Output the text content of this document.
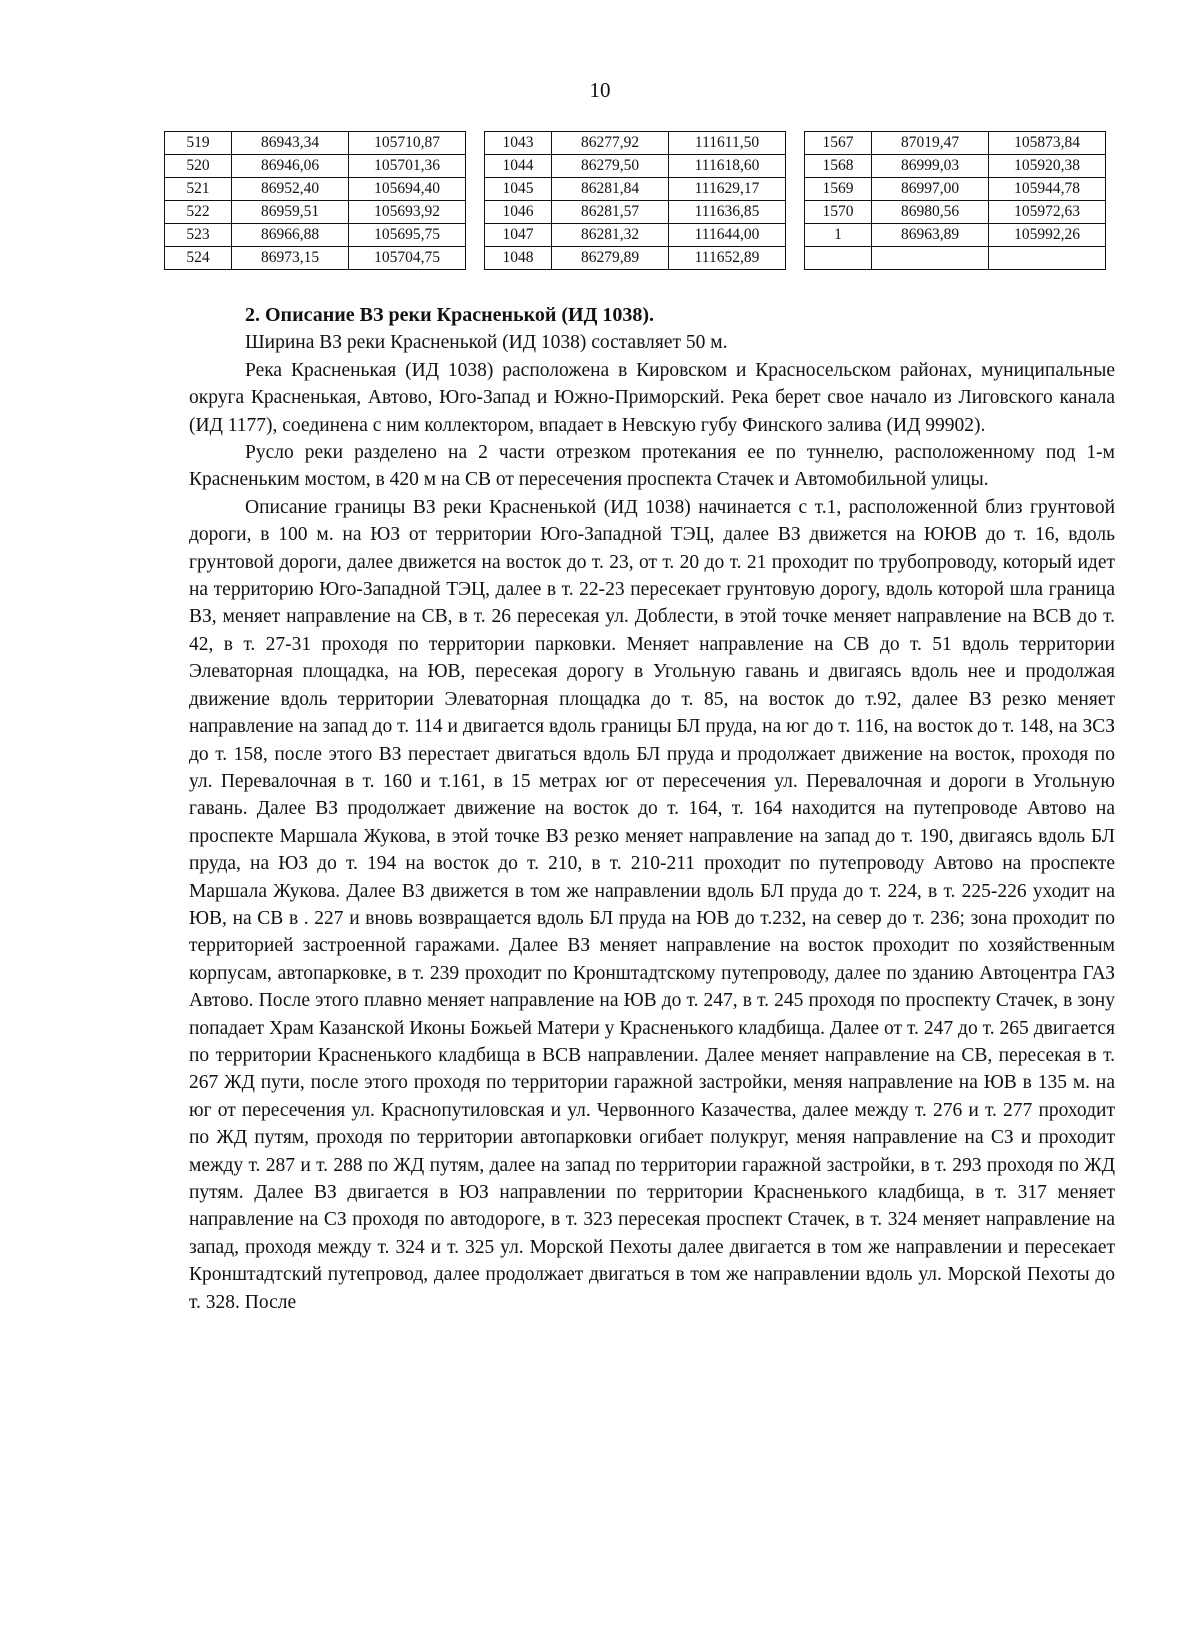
10
519	86943,34	105710,87		1043	86277,92	111611,50		1567	87019,47	105873,84
520	86946,06	105701,36		1044	86279,50	111618,60		1568	86999,03	105920,38
521	86952,40	105694,40		1045	86281,84	111629,17		1569	86997,00	105944,78
522	86959,51	105693,92		1046	86281,57	111636,85		1570	86980,56	105972,63
523	86966,88	105695,75		1047	86281,32	111644,00		1	86963,89	105992,26
524	86973,15	105704,75		1048	86279,89	111652,89				

2. Описание ВЗ реки Красненькой (ИД 1038).

Ширина ВЗ реки Красненькой (ИД 1038) составляет 50 м.

Река Красненькая (ИД 1038) расположена в Кировском и Красносельском районах, муниципальные округа Красненькая, Автово, Юго-Запад и Южно-Приморский. Река берет свое начало из Лиговского канала (ИД 1177), соединена с ним коллектором, впадает в Невскую губу Финского залива (ИД 99902).

Русло реки разделено на 2 части отрезком протекания ее по туннелю, расположенному под 1-м Красненьким мостом, в 420 м на СВ от пересечения проспекта Стачек и Автомобильной улицы.

Описание границы ВЗ реки Красненькой (ИД 1038) начинается с т.1, расположенной близ грунтовой дороги, в 100 м. на ЮЗ от территории Юго-Западной ТЭЦ, далее ВЗ движется на ЮЮВ до т. 16, вдоль грунтовой дороги, далее движется на восток до т. 23, от т. 20 до т. 21 проходит по трубопроводу, который идет на территорию Юго-Западной ТЭЦ, далее в т. 22-23 пересекает грунтовую дорогу, вдоль которой шла граница ВЗ, меняет направление на СВ, в т. 26 пересекая ул. Доблести, в этой точке меняет направление на ВСВ до т. 42, в т. 27-31 проходя по территории парковки. Меняет направление на СВ до т. 51 вдоль территории Элеваторная площадка, на ЮВ, пересекая дорогу в Угольную гавань и двигаясь вдоль нее и продолжая движение вдоль территории Элеваторная площадка до т. 85, на восток до т.92, далее ВЗ резко меняет направление на запад до т. 114 и двигается вдоль границы БЛ пруда, на юг до т. 116, на восток до т. 148, на ЗСЗ до т. 158, после этого ВЗ перестает двигаться вдоль БЛ пруда и продолжает движение на восток, проходя по ул. Перевалочная в т. 160 и т.161, в 15 метрах юг от пересечения ул. Перевалочная и дороги в Угольную гавань. Далее ВЗ продолжает движение на восток до т. 164, т. 164 находится на путепроводе Автово на проспекте Маршала Жукова, в этой точке ВЗ резко меняет направление на запад до т. 190, двигаясь вдоль БЛ пруда, на ЮЗ до т. 194 на восток до т. 210, в т. 210-211 проходит по путепроводу Автово на проспекте Маршала Жукова. Далее ВЗ движется в том же направлении вдоль БЛ пруда до т. 224, в т. 225-226 уходит на ЮВ, на СВ в . 227 и вновь возвращается вдоль БЛ пруда на ЮВ до т.232, на север до т. 236; зона проходит по территорией застроенной гаражами. Далее ВЗ меняет направление на восток проходит по хозяйственным корпусам, автопарковке, в т. 239 проходит по Кронштадтскому путепроводу, далее по зданию Автоцентра ГАЗ Автово. После этого плавно меняет направление на ЮВ до т. 247, в т. 245 проходя по проспекту Стачек, в зону попадает Храм Казанской Иконы Божьей Матери у Красненького кладбища. Далее от т. 247 до т. 265 двигается по территории Красненького кладбища в ВСВ направлении. Далее меняет направление на СВ, пересекая в т. 267 ЖД пути, после этого проходя по территории гаражной застройки, меняя направление на ЮВ в 135 м. на юг от пересечения ул. Краснопутиловская и ул. Червонного Казачества, далее между т. 276 и т. 277 проходит по ЖД путям, проходя по территории автопарковки огибает полукруг, меняя направление на СЗ и проходит между т. 287 и т. 288 по ЖД путям, далее на запад по территории гаражной застройки, в т. 293 проходя по ЖД путям. Далее ВЗ двигается в ЮЗ направлении по территории Красненького кладбища, в т. 317 меняет направление на СЗ проходя по автодороге, в т. 323 пересекая проспект Стачек, в т. 324 меняет направление на запад, проходя между т. 324 и т. 325 ул. Морской Пехоты далее двигается в том же направлении и пересекает Кронштадтский путепровод, далее продолжает двигаться в том же направлении вдоль ул. Морской Пехоты до т. 328. После
